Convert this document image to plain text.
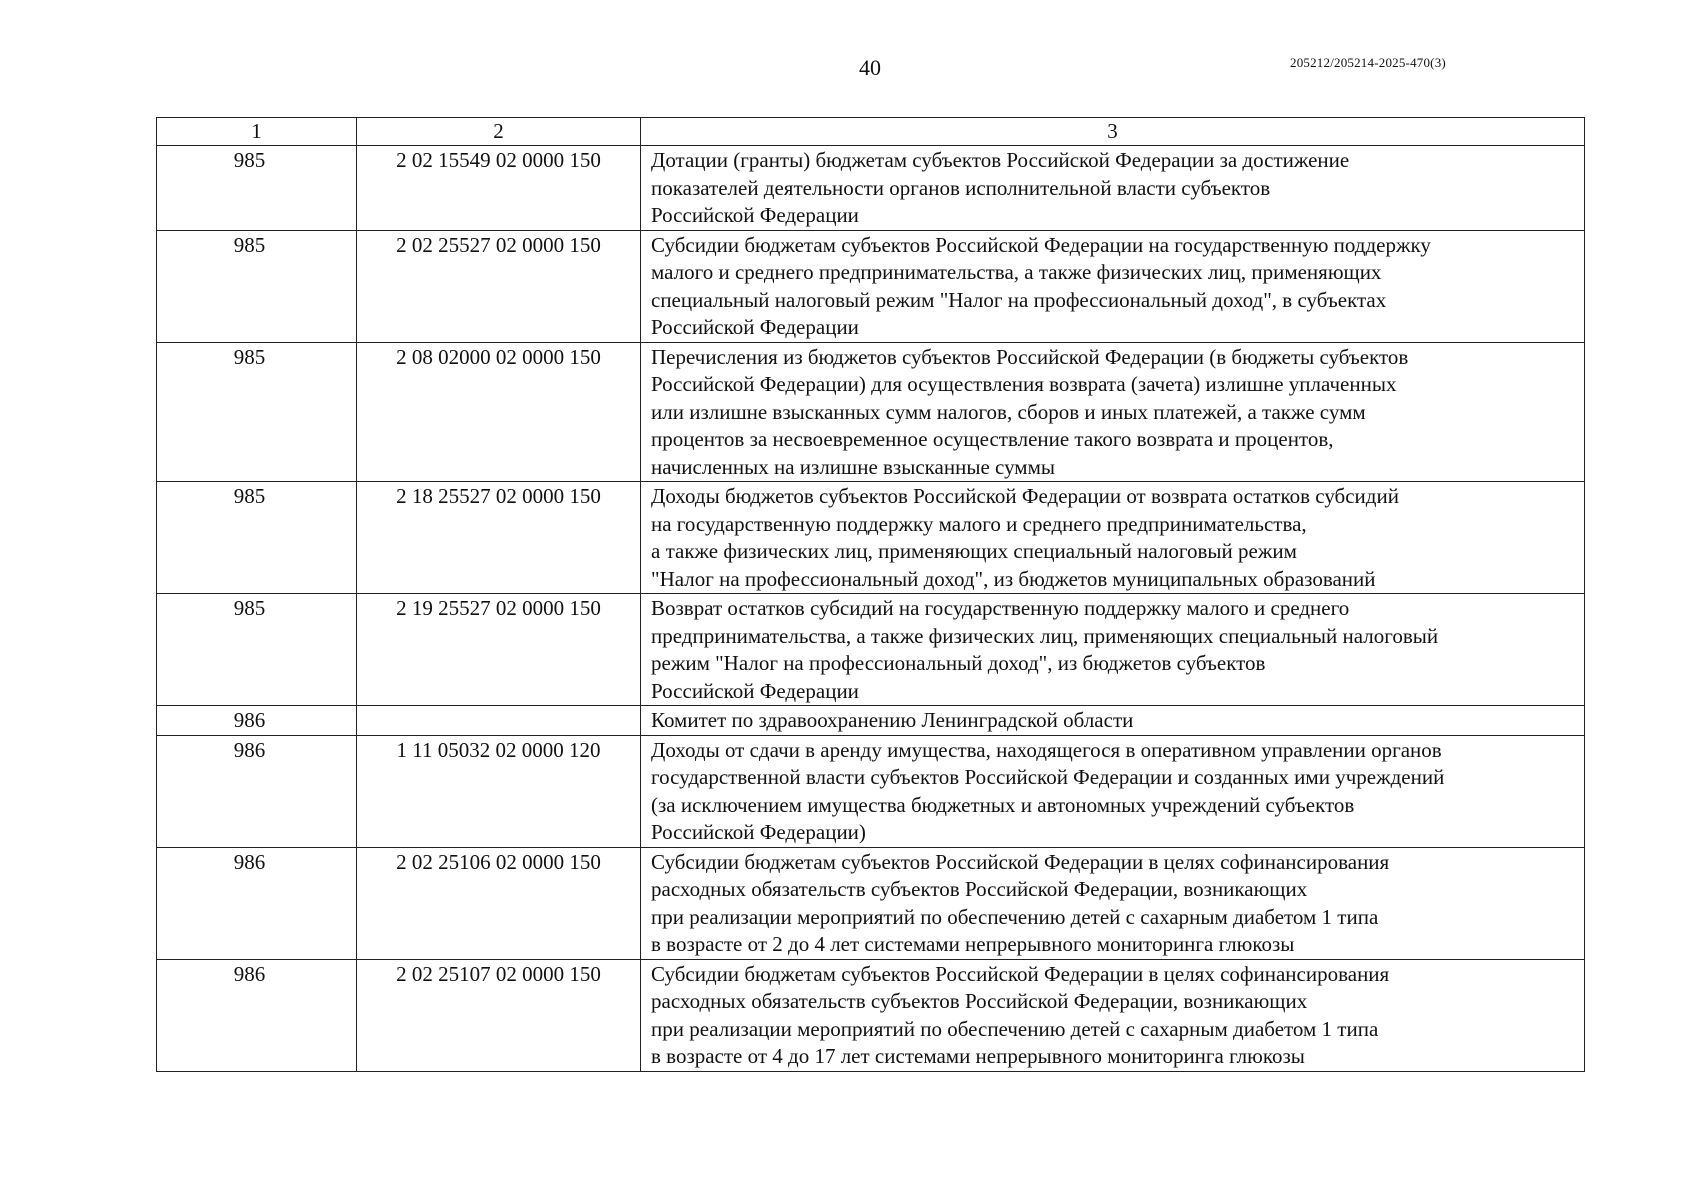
40	205212/205214-2025-470(3)
1	2	3
985	2 02 15549 02 0000 150	Дотации (гранты) бюджетам субъектов Российской Федерации за достижение
показателей деятельности органов исполнительной власти субъектов
Российской Федерации

985	2 02 25527 02 0000 150	Субсидии бюджетам субъектов Российской Федерации на государственную поддержку
малого и среднего предпринимательства, а также физических лиц, применяющих
специальный налоговый режим "Налог на профессиональный доход", в субъектах
Российской Федерации

985	2 08 02000 02 0000 150	Перечисления из бюджетов субъектов Российской Федерации (в бюджеты субъектов
Российской Федерации) для осуществления возврата (зачета) излишне уплаченных
или излишне взысканных сумм налогов, сборов и иных платежей, а также сумм
процентов за несвоевременное осуществление такого возврата и процентов,
начисленных на излишне взысканные суммы

985	2 18 25527 02 0000 150	Доходы бюджетов субъектов Российской Федерации от возврата остатков субсидий
на государственную поддержку малого и среднего предпринимательства,
а также физических лиц, применяющих специальный налоговый режим
"Налог на профессиональный доход", из бюджетов муниципальных образований

985	2 19 25527 02 0000 150	Возврат остатков субсидий на государственную поддержку малого и среднего
предпринимательства, а также физических лиц, применяющих специальный налоговый
режим "Налог на профессиональный доход", из бюджетов субъектов
Российской Федерации

986		Комитет по здравоохранению Ленинградской области

986	1 11 05032 02 0000 120	Доходы от сдачи в аренду имущества, находящегося в оперативном управлении органов
государственной власти субъектов Российской Федерации и созданных ими учреждений
(за исключением имущества бюджетных и автономных учреждений субъектов
Российской Федерации)

986	2 02 25106 02 0000 150	Субсидии бюджетам субъектов Российской Федерации в целях софинансирования
расходных обязательств субъектов Российской Федерации, возникающих
при реализации мероприятий по обеспечению детей с сахарным диабетом 1 типа
в возрасте от 2 до 4 лет системами непрерывного мониторинга глюкозы

986	2 02 25107 02 0000 150	Субсидии бюджетам субъектов Российской Федерации в целях софинансирования
расходных обязательств субъектов Российской Федерации, возникающих
при реализации мероприятий по обеспечению детей с сахарным диабетом 1 типа
в возрасте от 4 до 17 лет системами непрерывного мониторинга глюкозы
